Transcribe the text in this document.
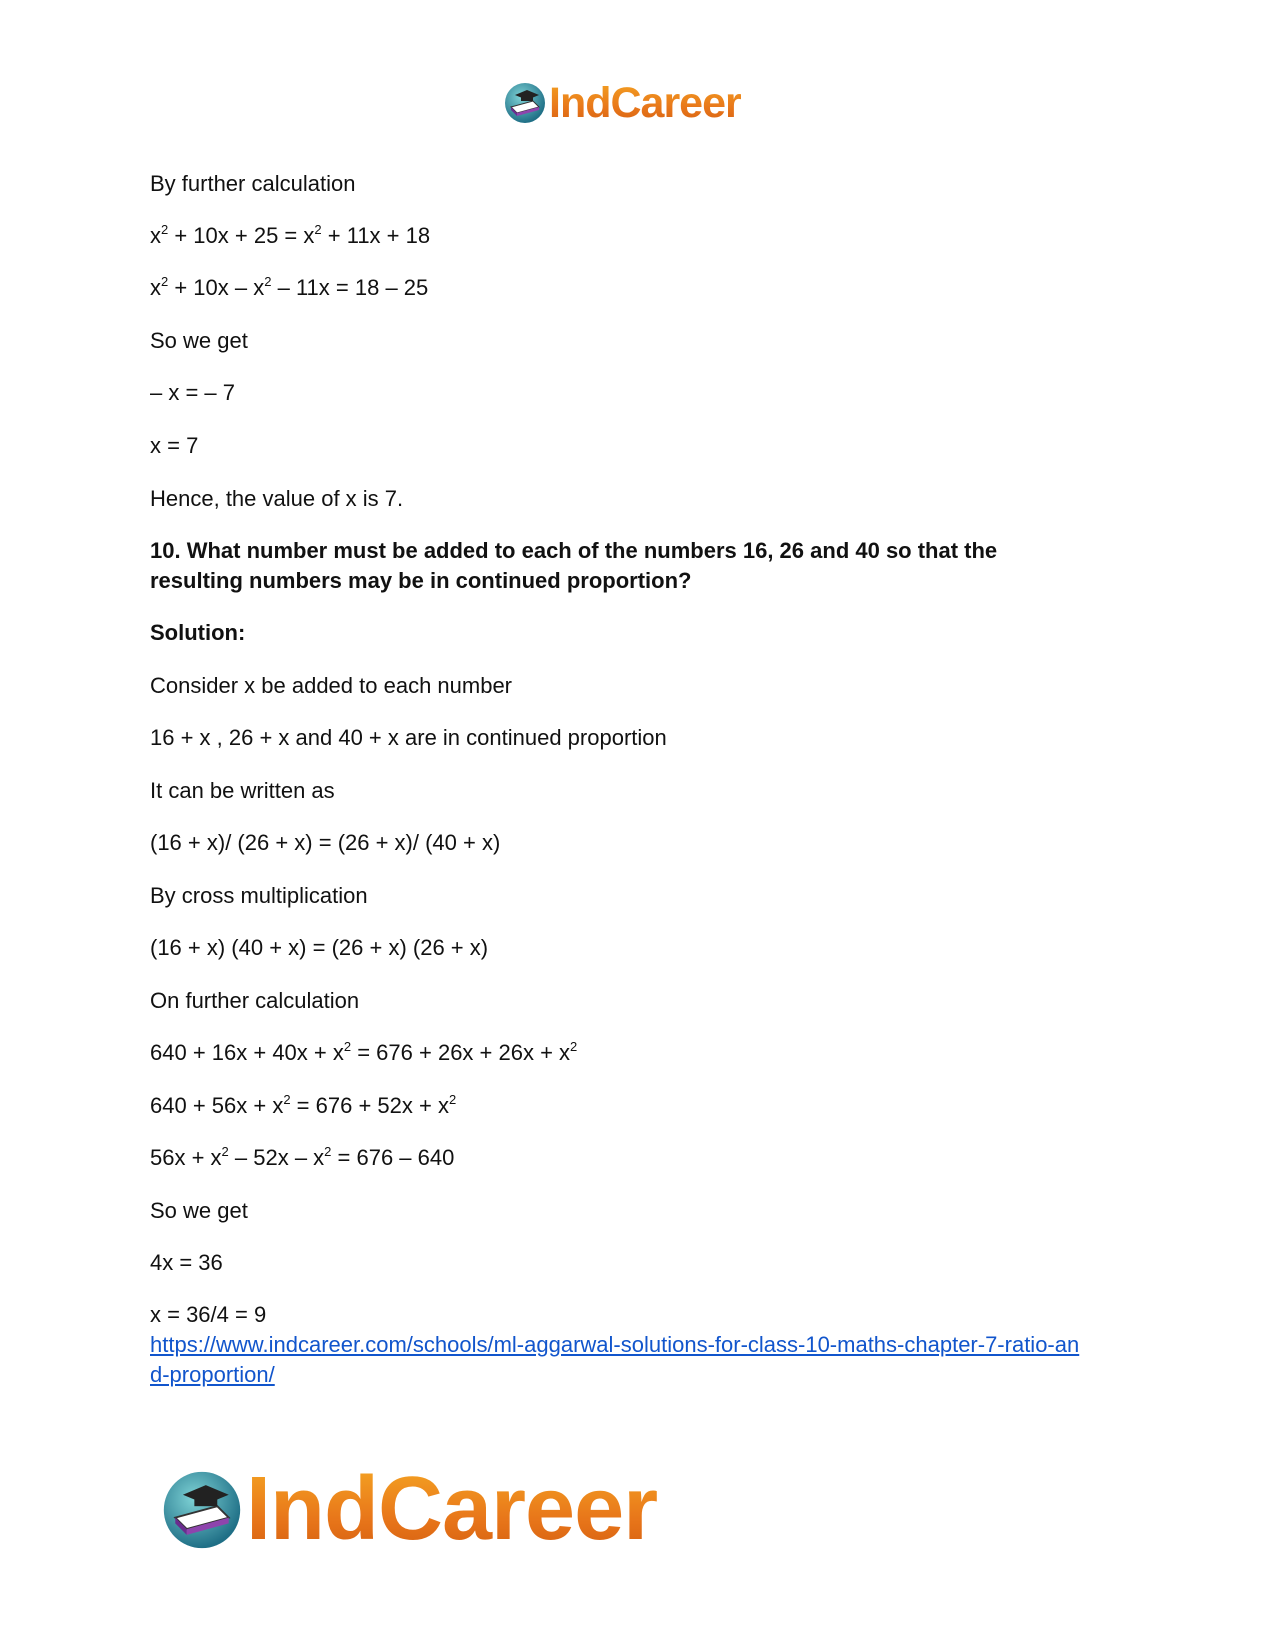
IndCareer
By further calculation
$x^2 + 10x + 25 = x^2 + 11x + 18$
$x^2 + 10x - x^2 - 11x = 18 - 25$
So we get
– x = – 7
x = 7
Hence, the value of x is 7.
10. What number must be added to each of the numbers 16, 26 and 40 so that the
resulting numbers may be in continued proportion?
Solution:
Consider x be added to each number
16 + x , 26 + x and 40 + x are in continued proportion
It can be written as
(16 + x)/ (26 + x) = (26 + x)/ (40 + x)
By cross multiplication
(16 + x) (40 + x) = (26 + x) (26 + x)
On further calculation
$640 + 16x + 40x + x^2 = 676 + 26x + 26x + x^2$
$640 + 56x + x^2 = 676 + 52x + x^2$
$56x + x^2 - 52x - x^2 = 676 - 640$
So we get
4x = 36
x = 36/4 = 9
https://www.indcareer.com/schools/ml-aggarwal-solutions-for-class-10-maths-chapter-7-ratio-an
d-proportion/
IndCareer
